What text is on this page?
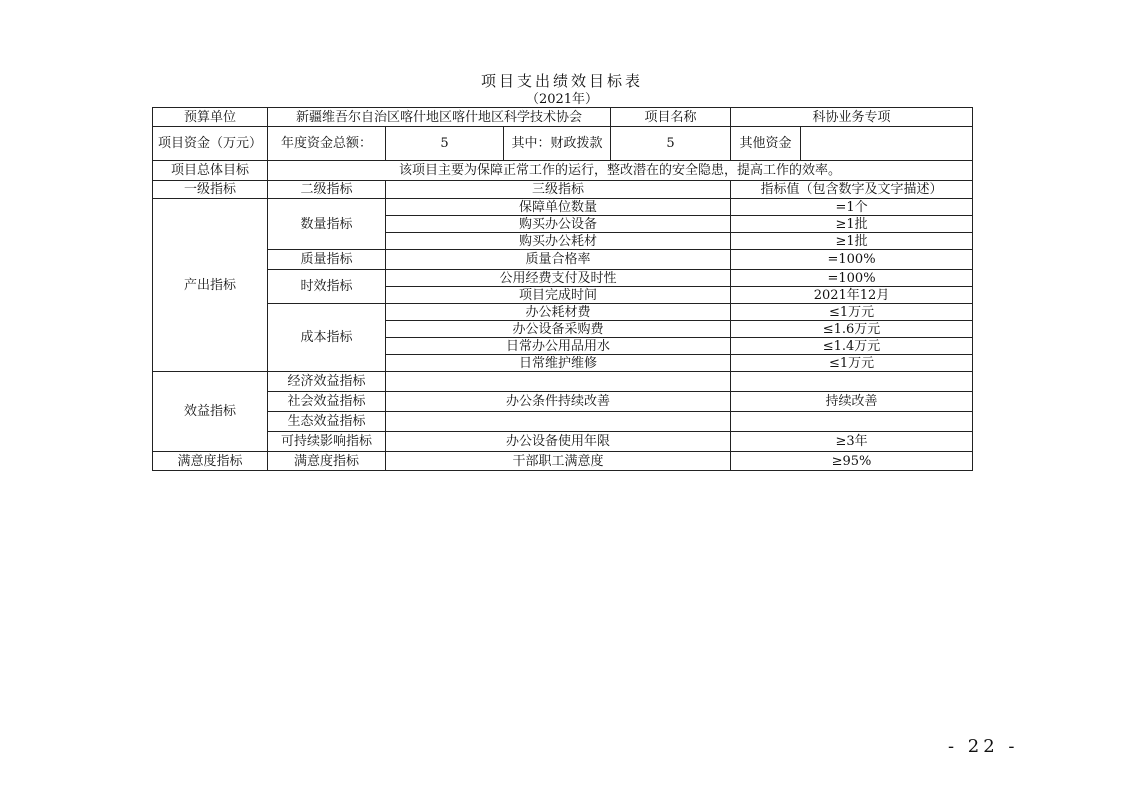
项目支出绩效目标表
（2021年）
预算单位	新疆维吾尔自治区喀什地区喀什地区科学技术协会			项目名称	科协业务专项	
项目资金（万元）	年度资金总额：	5	其中：财政拨款	5	其他资金	
项目总体目标	该项目主要为保障正常工作的运行，整改潜在的安全隐患，提高工作的效率。					
一级指标	二级指标	三级指标			指标值（包含数字及文字描述）	
产出指标	数量指标	保障单位数量			=1个	
		购买办公设备			≥1批	
		购买办公耗材			≥1批	
	质量指标	质量合格率			=100%	
	时效指标	公用经费支付及时性			=100%	
		项目完成时间			2021年12月	
	成本指标	办公耗材费			≤1万元	
		办公设备采购费			≤1.6万元	
		日常办公用品用水			≤1.4万元	
		日常维护维修			≤1万元	
效益指标	经济效益指标					
	社会效益指标	办公条件持续改善			持续改善	
	生态效益指标					
	可持续影响指标	办公设备使用年限			≥3年	
满意度指标	满意度指标	干部职工满意度			≥95%	
- 22 -
